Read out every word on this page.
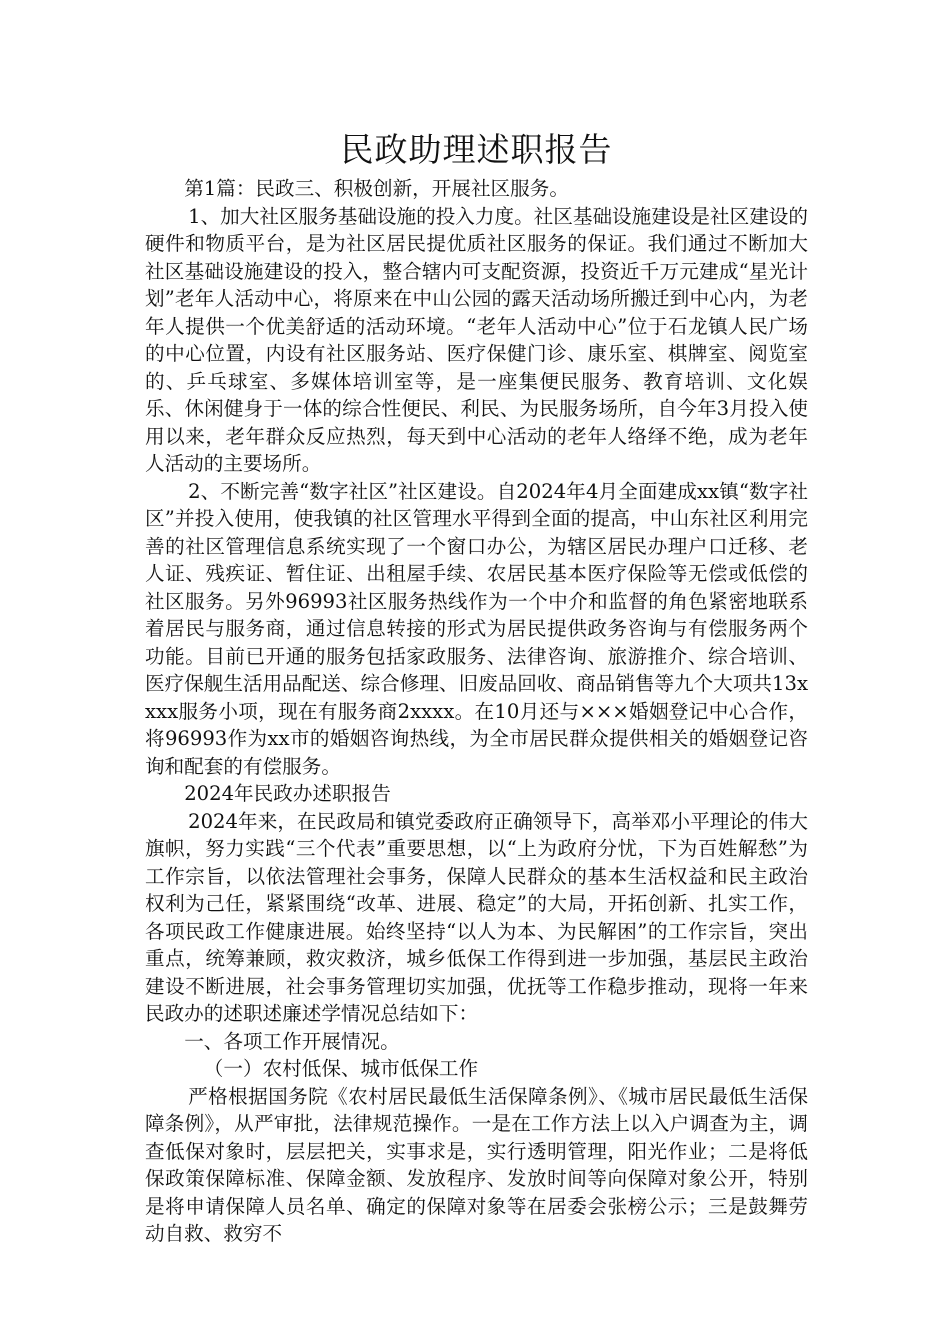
民政助理述职报告

第1篇：民政三、积极创新，开展社区服务。

1、加大社区服务基础设施的投入力度。社区基础设施建设是社区建设的硬件和物质平台，是为社区居民提优质社区服务的保证。我们通过不断加大社区基础设施建设的投入，整合辖内可支配资源，投资近千万元建成“星光计划”老年人活动中心，将原来在中山公园的露天活动场所搬迁到中心内，为老年人提供一个优美舒适的活动环境。“老年人活动中心”位于石龙镇人民广场的中心位置，内设有社区服务站、医疗保健门诊、康乐室、棋牌室、阅览室的、乒乓球室、多媒体培训室等，是一座集便民服务、教育培训、文化娱乐、休闲健身于一体的综合性便民、利民、为民服务场所，自今年3月投入使用以来，老年群众反应热烈，每天到中心活动的老年人络绎不绝，成为老年人活动的主要场所。

2、不断完善“数字社区”社区建设。自2024年4月全面建成xx镇“数字社区”并投入使用，使我镇的社区管理水平得到全面的提高，中山东社区利用完善的社区管理信息系统实现了一个窗口办公，为辖区居民办理户口迁移、老人证、残疾证、暂住证、出租屋手续、农居民基本医疗保险等无偿或低偿的社区服务。另外96993社区服务热线作为一个中介和监督的角色紧密地联系着居民与服务商，通过信息转接的形式为居民提供政务咨询与有偿服务两个功能。目前已开通的服务包括家政服务、法律咨询、旅游推介、综合培训、医疗保舰生活用品配送、综合修理、旧废品回收、商品销售等九个大项共13xxxx服务小项，现在有服务商2xxxx。在10月还与×××婚姻登记中心合作，将96993作为xx市的婚姻咨询热线，为全市居民群众提供相关的婚姻登记咨询和配套的有偿服务。

2024年民政办述职报告

2024年来，在民政局和镇党委政府正确领导下，高举邓小平理论的伟大旗帜，努力实践“三个代表”重要思想，以“上为政府分忧，下为百姓解愁”为工作宗旨，以依法管理社会事务，保障人民群众的基本生活权益和民主政治权利为己任，紧紧围绕“改革、进展、稳定”的大局，开拓创新、扎实工作，各项民政工作健康进展。始终坚持“以人为本、为民解困”的工作宗旨，突出重点，统筹兼顾，救灾救济，城乡低保工作得到进一步加强，基层民主政治建设不断进展，社会事务管理切实加强，优抚等工作稳步推动，现将一年来民政办的述职述廉述学情况总结如下：

一、各项工作开展情况。

（一）农村低保、城市低保工作

严格根据国务院《农村居民最低生活保障条例》、《城市居民最低生活保障条例》，从严审批，法律规范操作。一是在工作方法上以入户调查为主，调查低保对象时，层层把关，实事求是，实行透明管理，阳光作业；二是将低保政策保障标准、保障金额、发放程序、发放时间等向保障对象公开，特别是将申请保障人员名单、确定的保障对象等在居委会张榜公示；三是鼓舞劳动自救、救穷不
